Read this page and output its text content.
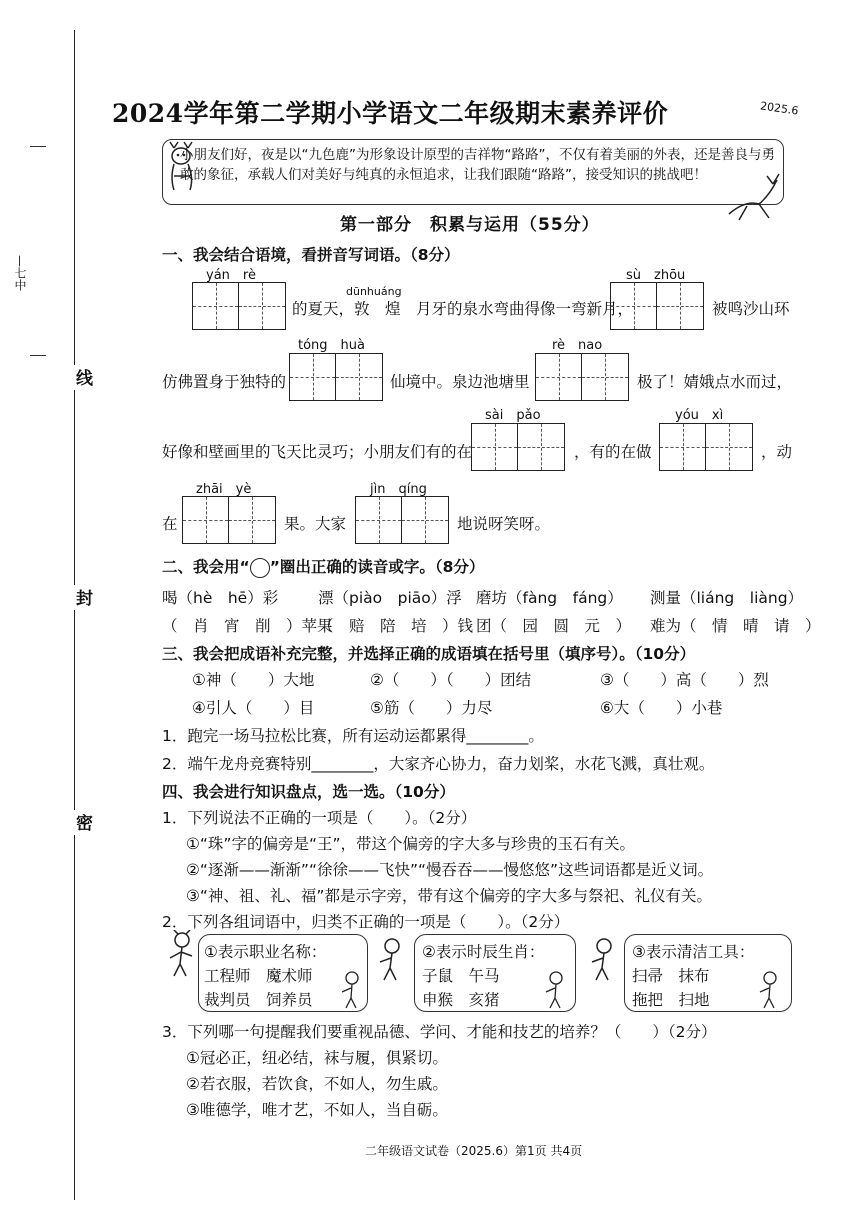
—七中
线
封
密
2024学年第二学期小学语文二年级期末素养评价	2025.6
小朋友们好，夜是以“九色鹿”为形象设计原型的吉祥物“路路”，不仅有着美丽的外表，还是善良与勇敢的象征，承载人们对美好与纯真的永恒追求，让我们跟随“路路”，接受知识的挑战吧！
第一部分　积累与运用（55分）
一、我会结合语境，看拼音写词语。（8分）
yán　rè
dūnhuáng
的夏天，敦　煌　月牙的泉水弯曲得像一弯新月，
sù　zhōu
被鸣沙山环
tóng　huà
仿佛置身于独特的	仙境中。泉边池塘里
rè　nao
极了！婧娥点水而过，
sài　pǎo
好像和壁画里的飞天比灵巧；小朋友们有的在	，有的在做
yóu　xì
，动
zhāi　yè
在	果。大家
jìn　qíng
地说呀笑呀。
二、我会用“ ”圈出正确的读音或字。（8分）
喝（hè　hē）彩	漂（piào　piāo）浮 磨坊（fàng　fáng） 测量（liáng　liàng）
（　肖　宵　削　）苹果
（　赔　陪　培　）钱 团（　园　圆　元　） 难为（　情　晴　请　）
三、我会把成语补充完整，并选择正确的成语填在括号里（填序号）。（10分）
①神（　　）大地	②（　　）（　　）团结	③（　　）高（　　）烈
④引人（　　）目	⑤筋（　　）力尽	⑥大（　　）小巷
1．跑完一场马拉松比赛，所有运动运都累得________。
2．端午龙舟竞赛特别________，大家齐心协力，奋力划桨，水花飞溅，真壮观。
四、我会进行知识盘点，选一选。（10分）
1．下列说法不正确的一项是（　　）。（2分）
①“珠”字的偏旁是“王”，带这个偏旁的字大多与珍贵的玉石有关。
②“逐渐——渐渐”“徐徐——飞快”“慢吞吞——慢悠悠”这些词语都是近义词。
③“神、祖、礼、福”都是示字旁，带有这个偏旁的字大多与祭祀、礼仪有关。
2．下列各组词语中，归类不正确的一项是（　　）。（2分）
①表示职业名称：
工程师　魔术师
裁判员　饲养员
②表示时辰生肖：
子鼠　午马
申猴　亥猪
③表示清洁工具：
扫帚　抹布
拖把　扫地
3．下列哪一句提醒我们要重视品德、学问、才能和技艺的培养？（　　）（2分）
①冠必正，纽必结，袜与履，俱紧切。
②若衣服，若饮食，不如人，勿生戚。
③唯德学，唯才艺，不如人，当自砺。
二年级语文试卷（2025.6）第1页 共4页
